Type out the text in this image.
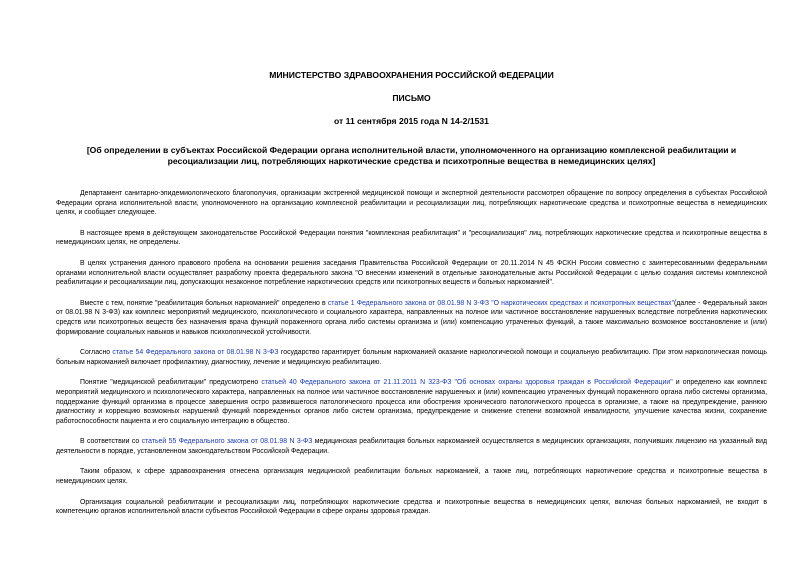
МИНИСТЕРСТВО ЗДРАВООХРАНЕНИЯ РОССИЙСКОЙ ФЕДЕРАЦИИ

ПИСЬМО

от 11 сентября 2015 года N 14-2/1531

[Об определении в субъектах Российской Федерации органа исполнительной власти, уполномоченного на организацию комплексной реабилитации и ресоциализации лиц, потребляющих наркотические средства и психотропные вещества в немедицинских целях]

Департамент санитарно-эпидемиологического благополучия, организации экстренной медицинской помощи и экспертной деятельности рассмотрел обращение по вопросу определения в субъектах Российской Федерации органа исполнительной власти, уполномоченного на организацию комплексной реабилитации и ресоциализации лиц, потребляющих наркотические средства и психотропные вещества в немедицинских целях, и сообщает следующее.

В настоящее время в действующем законодательстве Российской Федерации понятия "комплексная реабилитация" и "ресоциализация" лиц, потребляющих наркотические средства и психотропные вещества в немедицинских целях, не определены.

В целях устранения данного правового пробела на основании решения заседания Правительства Российской Федерации от 20.11.2014 N 45 ФСКН России совместно с заинтересованными федеральными органами исполнительной власти осуществляет разработку проекта федерального закона "О внесении изменений в отдельные законодательные акты Российской Федерации с целью создания системы комплексной реабилитации и ресоциализации лиц, допускающих незаконное потребление наркотических средств или психотропных веществ и больных наркоманией".

Вместе с тем, понятие "реабилитация больных наркоманией" определено в статье 1 Федерального закона от 08.01.98 N 3-ФЗ "О наркотических средствах и психотропных веществах"(далее - Федеральный закон от 08.01.98 N 3-ФЗ) как комплекс мероприятий медицинского, психологического и социального характера, направленных на полное или частичное восстановление нарушенных вследствие потребления наркотических средств или психотропных веществ без назначения врача функций пораженного органа либо системы организма и (или) компенсацию утраченных функций, а также максимально возможное восстановление и (или) формирование социальных навыков и навыков психологической устойчивости.

Согласно статье 54 Федерального закона от 08.01.98 N 3-ФЗ государство гарантирует больным наркоманией оказание наркологической помощи и социальную реабилитацию. При этом наркологическая помощь больным наркоманией включает профилактику, диагностику, лечение и медицинскую реабилитацию.

Понятие "медицинской реабилитации" предусмотрено статьей 40 Федерального закона от 21.11.2011 N 323-ФЗ "Об основах охраны здоровья граждан в Российской Федерации" и определено как комплекс мероприятий медицинского и психологического характера, направленных на полное или частичное восстановление нарушенных и (или) компенсацию утраченных функций пораженного органа либо системы организма, поддержание функций организма в процессе завершения остро развившегося патологического процесса или обострения хронического патологического процесса в организме, а также на предупреждение, раннюю диагностику и коррекцию возможных нарушений функций поврежденных органов либо систем организма, предупреждение и снижение степени возможной инвалидности, улучшение качества жизни, сохранение работоспособности пациента и его социальную интеграцию в общество.

В соответствии со статьей 55 Федерального закона от 08.01.98 N 3-ФЗ медицинская реабилитация больных наркоманией осуществляется в медицинских организациях, получивших лицензию на указанный вид деятельности в порядке, установленном законодательством Российской Федерации.

Таким образом, к сфере здравоохранения отнесена организация медицинской реабилитации больных наркоманией, а также лиц, потребляющих наркотические средства и психотропные вещества в немедицинских целях.

Организация социальной реабилитации и ресоциализации лиц, потребляющих наркотические средства и психотропные вещества в немедицинских целях, включая больных наркоманией, не входит в компетенцию органов исполнительной власти субъектов Российской Федерации в сфере охраны здоровья граждан.
